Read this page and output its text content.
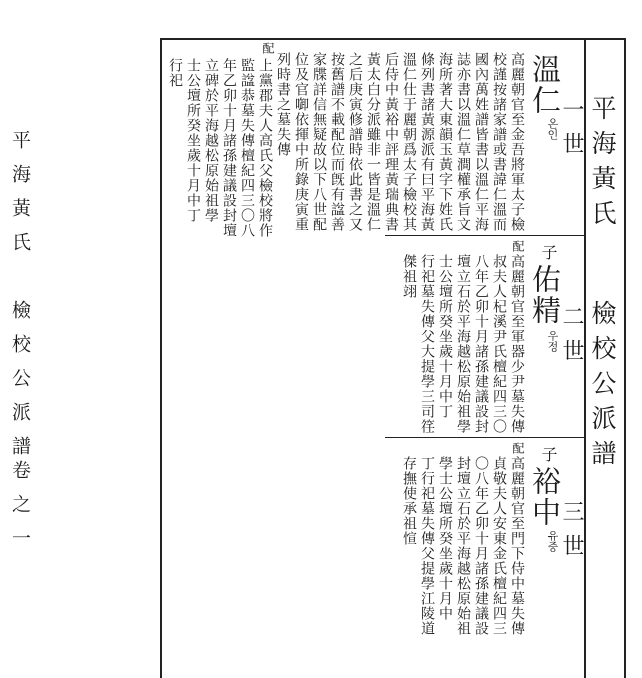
平海黃氏
檢校公派譜
卷之一
平海黃氏
檢校公派譜
溫仁
온인 一世
高麗朝官至金吾將軍太子檢
校謹按諸家譜或書諱仁溫而
國內萬姓譜皆書以溫仁平海
誌亦書以溫仁草澗權承旨文
海所著大東韻玉黃字下姓氏
條列書諸黃源派有曰平海黃
溫仁仕于麗朝爲太子檢校其
后侍中黃裕中評理黃瑞典書
黃太白分派雖非一皆是溫仁
之后庚寅修譜時依此書之又
按舊譜不載配位而旣有諡善
家牒詳信無疑故以下八世配
位及官啣依揮中所錄庚寅重
列時書之墓失傳
配
上黨郡夫人高氏父檢校將作
監諡恭墓失傳檀紀四三〇八
年乙卯十月諸孫建議設封壇
立碑於平海越松原始祖學
士公壇所癸坐歲十月中丁
行祀
子
佑精
우정 二世
配
高麗朝官至軍器少尹墓失傳
叔夫人杞溪尹氏檀紀四三〇
八年乙卯十月諸孫建議設封
壇立石於平海越松原始祖學
士公壇所癸坐歲十月中丁
行祀墓失傳父大提學三司䇮
傑祖翊
子
裕中
유중 三世
配
高麗朝官至門下侍中墓失傳
貞敬夫人安東金氏檀紀四三
〇八年乙卯十月諸孫建議設
封壇立石於平海越松原始祖
學士公壇所癸坐歲十月中
丁行祀墓失傳父提學江陵道
存撫使承祖愃
